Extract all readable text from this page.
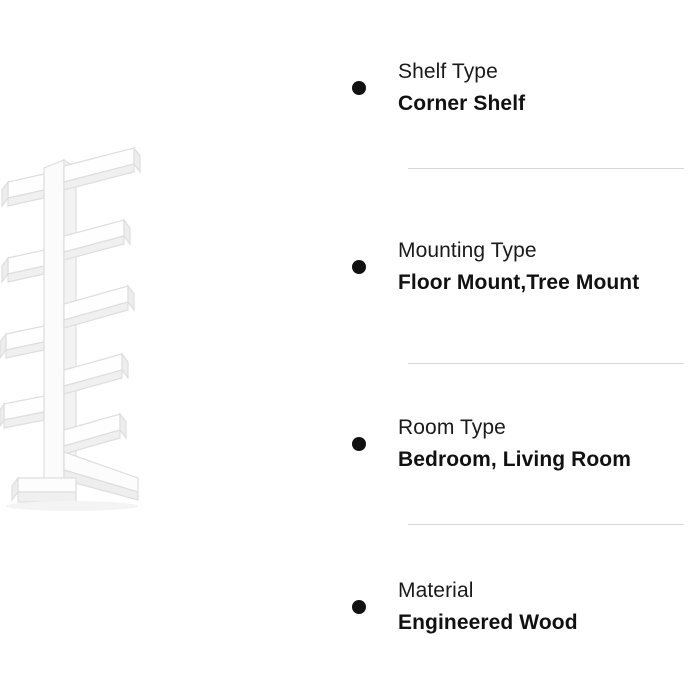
Shelf Type
Corner Shelf
Mounting Type
Floor Mount,Tree Mount
Room Type
Bedroom, Living Room
Material
Engineered Wood
